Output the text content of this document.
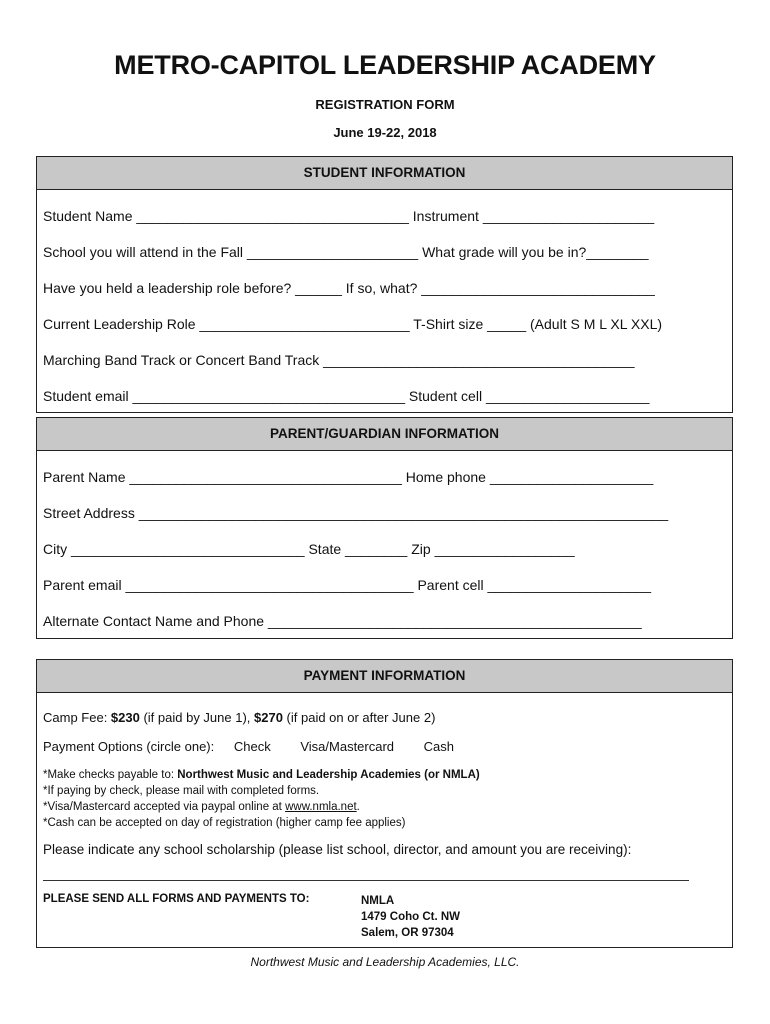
METRO-CAPITOL LEADERSHIP ACADEMY
REGISTRATION FORM
June 19-22, 2018
STUDENT INFORMATION
Student Name ___________________________________ Instrument ______________________
School you will attend in the Fall ______________________ What grade will you be in?________
Have you held a leadership role before? ______ If so, what? ______________________________
Current Leadership Role ___________________________ T-Shirt size _____ (Adult S M L XL XXL)
Marching Band Track or Concert Band Track ________________________________________
Student email ___________________________________ Student cell _____________________
PARENT/GUARDIAN INFORMATION
Parent Name ___________________________________ Home phone _____________________
Street Address ____________________________________________________________________
City ______________________________ State ________ Zip __________________
Parent email _____________________________________ Parent cell _____________________
Alternate Contact Name and Phone ________________________________________________
PAYMENT INFORMATION
Camp Fee: $230 (if paid by June 1), $270 (if paid on or after June 2)
Payment Options (circle one): Check Visa/Mastercard Cash
*Make checks payable to: Northwest Music and Leadership Academies (or NMLA)
*If paying by check, please mail with completed forms.
*Visa/Mastercard accepted via paypal online at www.nmla.net.
*Cash can be accepted on day of registration (higher camp fee applies)
Please indicate any school scholarship (please list school, director, and amount you are receiving):
PLEASE SEND ALL FORMS AND PAYMENTS TO:	NMLA
1479 Coho Ct. NW
Salem, OR 97304
Northwest Music and Leadership Academies, LLC.
